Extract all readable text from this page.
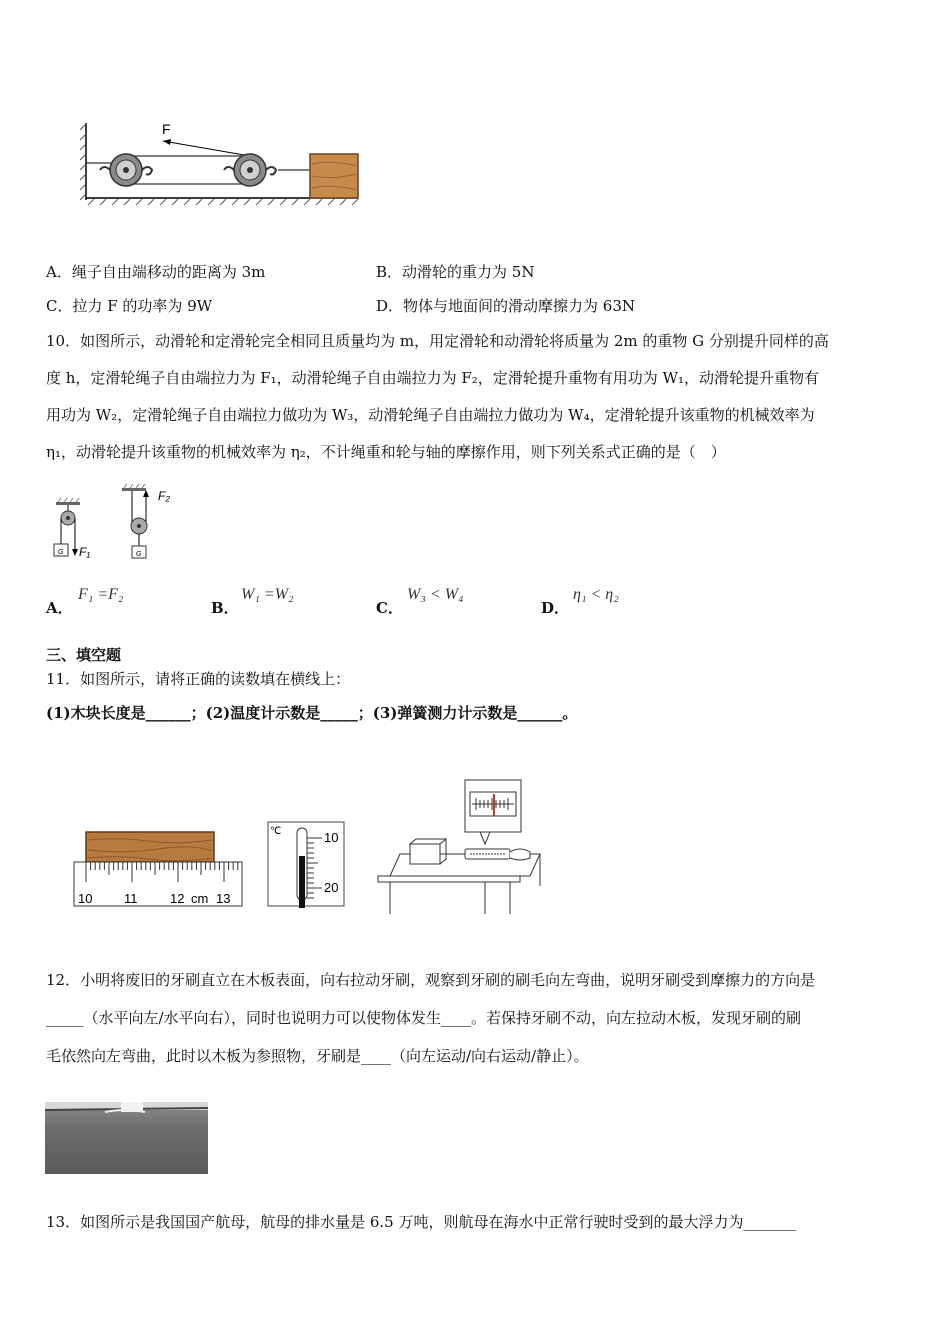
F
A．绳子自由端移动的距离为 3m	B．动滑轮的重力为 5N
C．拉力 F 的功率为 9W	D．物体与地面间的滑动摩擦力为 63N
10．如图所示，动滑轮和定滑轮完全相同且质量均为 m，用定滑轮和动滑轮将质量为 2m 的重物 G 分别提升同样的高
度 h，定滑轮绳子自由端拉力为 F₁，动滑轮绳子自由端拉力为 F₂，定滑轮提升重物有用功为 W₁，动滑轮提升重物有
用功为 W₂，定滑轮绳子自由端拉力做功为 W₃，动滑轮绳子自由端拉力做功为 W₄，定滑轮提升该重物的机械效率为
η₁，动滑轮提升该重物的机械效率为 η₂，不计绳重和轮与轴的摩擦作用，则下列关系式正确的是（　）
G F₁	G
F₂
A．
F₁ =F₂
B．
W₁ =W₂
C．
W₃ < W₄
D．
η₁ < η₂
三、填空题
11．如图所示，请将正确的读数填在横线上：
(1)木块长度是______；(2)温度计示数是_____；(3)弹簧测力计示数是______。
10 11	12 cm 13
℃	10
20
12．小明将废旧的牙刷直立在木板表面，向右拉动牙刷，观察到牙刷的刷毛向左弯曲，说明牙刷受到摩擦力的方向是
_____（水平向左/水平向右），同时也说明力可以使物体发生____。若保持牙刷不动，向左拉动木板，发现牙刷的刷
毛依然向左弯曲，此时以木板为参照物，牙刷是____（向左运动/向右运动/静止）。
13．如图所示是我国国产航母，航母的排水量是 6.5 万吨，则航母在海水中正常行驶时受到的最大浮力为_______
